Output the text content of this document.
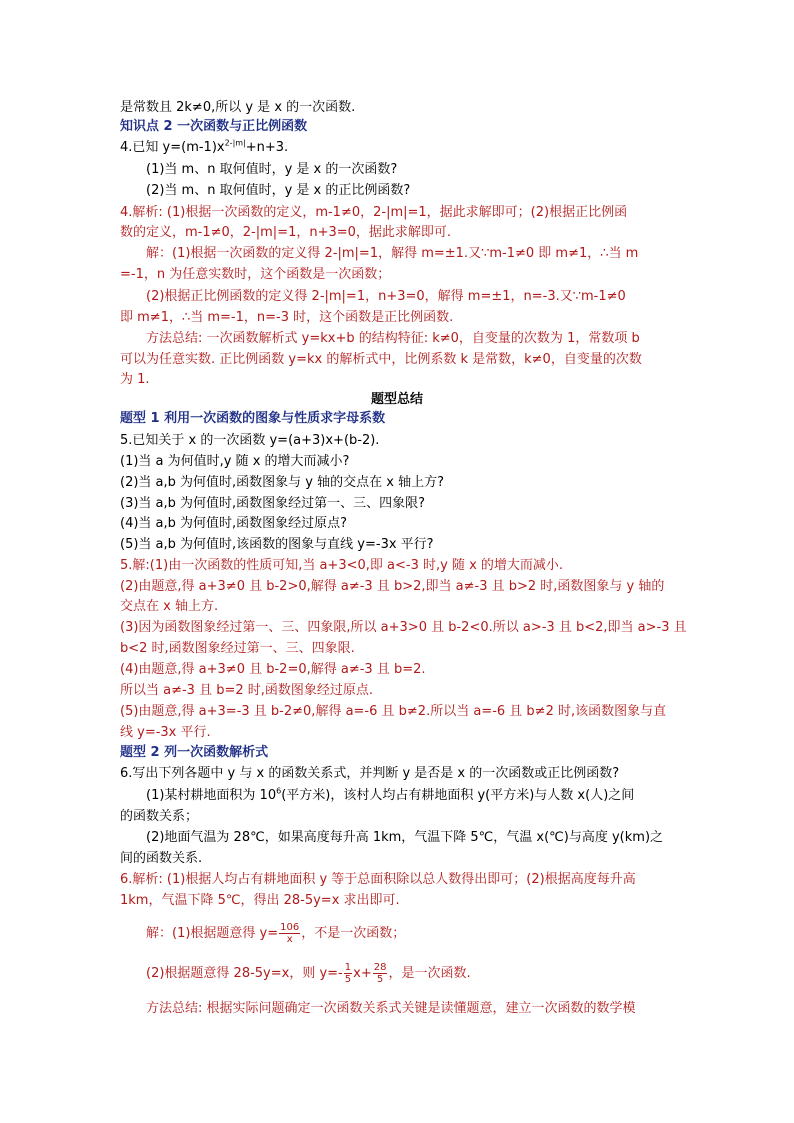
是常数且 2k≠0,所以 y 是 x 的一次函数.
知识点 2 一次函数与正比例函数
4.已知 $y=(m-1)x^{2-|m|}+n+3$.
(1)当 m、n 取何值时，y 是 x 的一次函数?
(2)当 m、n 取何值时，y 是 x 的正比例函数?
4.解析: (1)根据一次函数的定义，m-1≠0，2-|m|=1，据此求解即可；(2)根据正比例函
数的定义，m-1≠0，2-|m|=1，n+3=0，据此求解即可.
解：(1)根据一次函数的定义得 2-|m|=1，解得 m=±1.又∵m-1≠0 即 m≠1，∴当 m
=-1，n 为任意实数时，这个函数是一次函数；
(2)根据正比例函数的定义得 2-|m|=1，n+3=0，解得 m=±1，n=-3.又∵m-1≠0
即 m≠1，∴当 m=-1，n=-3 时，这个函数是正比例函数.
方法总结: 一次函数解析式 y=kx+b 的结构特征: k≠0，自变量的次数为 1，常数项 b
可以为任意实数. 正比例函数 y=kx 的解析式中，比例系数 k 是常数，k≠0，自变量的次数
为 1.
题型总结
题型 1 利用一次函数的图象与性质求字母系数
5.已知关于 x 的一次函数 y=(a+3)x+(b-2).
(1)当 a 为何值时,y 随 x 的增大而减小?
(2)当 a,b 为何值时,函数图象与 y 轴的交点在 x 轴上方?
(3)当 a,b 为何值时,函数图象经过第一、三、四象限?
(4)当 a,b 为何值时,函数图象经过原点?
(5)当 a,b 为何值时,该函数的图象与直线 y=-3x 平行?
5.解:(1)由一次函数的性质可知,当 a+3<0,即 a<-3 时,y 随 x 的增大而减小.
(2)由题意,得 a+3≠0 且 b-2>0,解得 a≠-3 且 b>2,即当 a≠-3 且 b>2 时,函数图象与 y 轴的
交点在 x 轴上方.
(3)因为函数图象经过第一、三、四象限,所以 a+3>0 且 b-2<0.所以 a>-3 且 b<2,即当 a>-3 且
b<2 时,函数图象经过第一、三、四象限.
(4)由题意,得 a+3≠0 且 b-2=0,解得 a≠-3 且 b=2.
所以当 a≠-3 且 b=2 时,函数图象经过原点.
(5)由题意,得 a+3=-3 且 b-2≠0,解得 a=-6 且 b≠2.所以当 a=-6 且 b≠2 时,该函数图象与直
线 y=-3x 平行.
题型 2 列一次函数解析式
6.写出下列各题中 y 与 x 的函数关系式，并判断 y 是否是 x 的一次函数或正比例函数?
(1)某村耕地面积为 $10^6$(平方米)，该村人均占有耕地面积 y(平方米)与人数 x(人)之间
的函数关系；
(2)地面气温为 28℃，如果高度每升高 1km，气温下降 5℃，气温 x(℃)与高度 y(km)之
间的函数关系.
6.解析: (1)根据人均占有耕地面积 y 等于总面积除以总人数得出即可；(2)根据高度每升高
1km，气温下降 5℃，得出 28-5y=x 求出即可.
解：(1)根据题意得 $y= \frac{106}{x}$ ，不是一次函数；
(2)根据题意得 28-5y=x，则 $y=- \frac{1}{5} x+ \frac{28}{5}$ ，是一次函数.
方法总结: 根据实际问题确定一次函数关系式关键是读懂题意，建立一次函数的数学模
